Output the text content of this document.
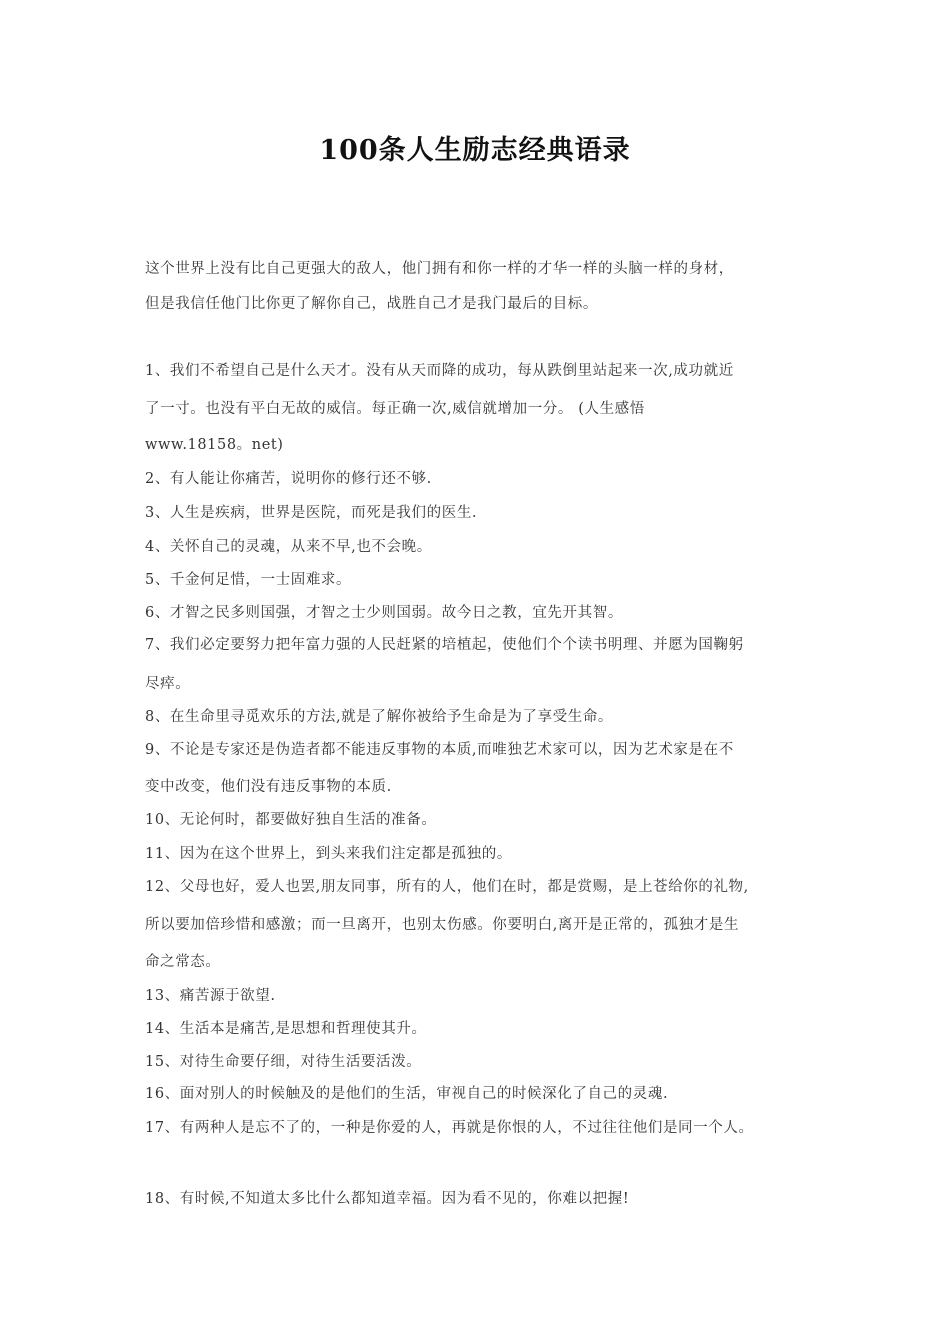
100条人生励志经典语录
这个世界上没有比自己更强大的敌人，他门拥有和你一样的才华一样的头脑一样的身材，
但是我信任他门比你更了解你自己，战胜自己才是我门最后的目标。
1、我们不希望自己是什么天才。没有从天而降的成功，每从跌倒里站起来一次,成功就近
了一寸。也没有平白无故的威信。每正确一次,威信就增加一分。 (人生感悟
www.18158。net)
2、有人能让你痛苦，说明你的修行还不够.
3、人生是疾病，世界是医院，而死是我们的医生.
4、关怀自己的灵魂，从来不早,也不会晚。
5、千金何足惜，一士固难求。
6、才智之民多则国强，才智之士少则国弱。故今日之教，宜先开其智。
7、我们必定要努力把年富力强的人民赶紧的培植起，使他们个个读书明理、并愿为国鞠躬
尽瘁。
8、在生命里寻觅欢乐的方法,就是了解你被给予生命是为了享受生命。
9、不论是专家还是伪造者都不能违反事物的本质,而唯独艺术家可以，因为艺术家是在不
变中改变，他们没有违反事物的本质.
10、无论何时，都要做好独自生活的准备。
11、因为在这个世界上，到头来我们注定都是孤独的。
12、父母也好，爱人也罢,朋友同事，所有的人，他们在时，都是赏赐，是上苍给你的礼物,
所以要加倍珍惜和感激；而一旦离开，也别太伤感。你要明白,离开是正常的，孤独才是生
命之常态。
13、痛苦源于欲望.
14、生活本是痛苦,是思想和哲理使其升。
15、对待生命要仔细，对待生活要活泼。
16、面对别人的时候触及的是他们的生活，审视自己的时候深化了自己的灵魂.
17、有两种人是忘不了的，一种是你爱的人，再就是你恨的人，不过往往他们是同一个人。
18、有时候,不知道太多比什么都知道幸福。因为看不见的，你难以把握!
